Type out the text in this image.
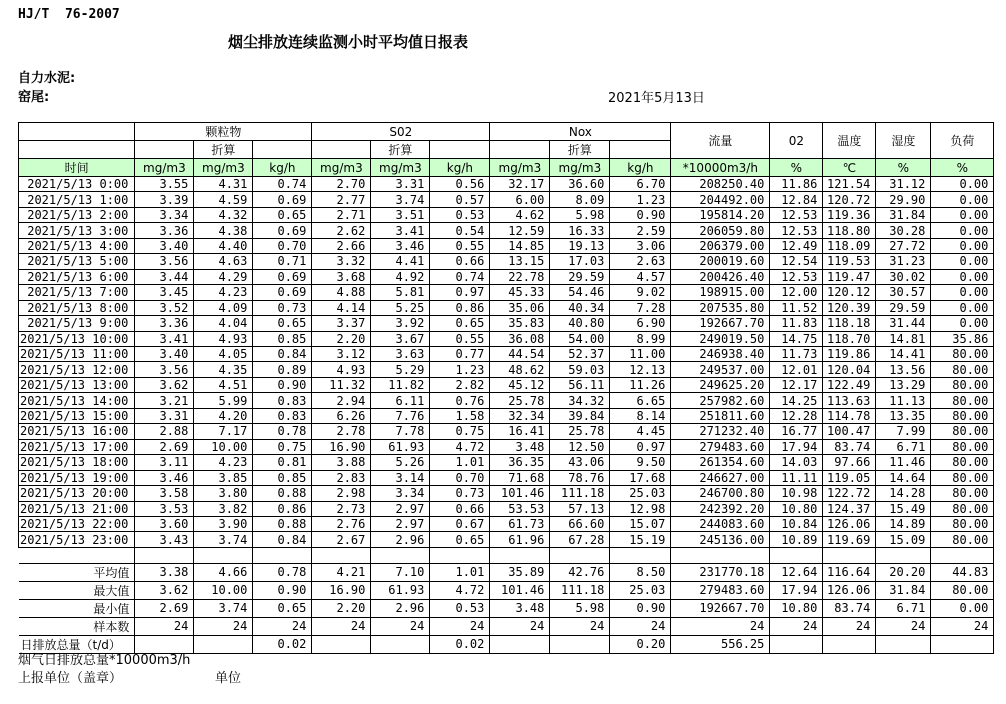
HJ/T  76-2007
烟尘排放连续监测小时平均值日报表
自力水泥:
窑尾:	2021年5月13日
	颗粒物			S02			Nox			流量	02	温度	湿度	负荷
		折算			折算			折算						
时间	mg/m3	mg/m3	kg/h	mg/m3	mg/m3	kg/h	mg/m3	mg/m3	kg/h	*10000m3/h	%	℃	%	%
2021/5/13 0:00	3.55	4.31	0.74	2.70	3.31	0.56	32.17	36.60	6.70	208250.40	11.86	121.54	31.12	0.00
2021/5/13 1:00	3.39	4.59	0.69	2.77	3.74	0.57	6.00	8.09	1.23	204492.00	12.84	120.72	29.90	0.00
2021/5/13 2:00	3.34	4.32	0.65	2.71	3.51	0.53	4.62	5.98	0.90	195814.20	12.53	119.36	31.84	0.00
2021/5/13 3:00	3.36	4.38	0.69	2.62	3.41	0.54	12.59	16.33	2.59	206059.80	12.53	118.80	30.28	0.00
2021/5/13 4:00	3.40	4.40	0.70	2.66	3.46	0.55	14.85	19.13	3.06	206379.00	12.49	118.09	27.72	0.00
2021/5/13 5:00	3.56	4.63	0.71	3.32	4.41	0.66	13.15	17.03	2.63	200019.60	12.54	119.53	31.23	0.00
2021/5/13 6:00	3.44	4.29	0.69	3.68	4.92	0.74	22.78	29.59	4.57	200426.40	12.53	119.47	30.02	0.00
2021/5/13 7:00	3.45	4.23	0.69	4.88	5.81	0.97	45.33	54.46	9.02	198915.00	12.00	120.12	30.57	0.00
2021/5/13 8:00	3.52	4.09	0.73	4.14	5.25	0.86	35.06	40.34	7.28	207535.80	11.52	120.39	29.59	0.00
2021/5/13 9:00	3.36	4.04	0.65	3.37	3.92	0.65	35.83	40.80	6.90	192667.70	11.83	118.18	31.44	0.00
2021/5/13 10:00	3.41	4.93	0.85	2.20	3.67	0.55	36.08	54.00	8.99	249019.50	14.75	118.70	14.81	35.86
2021/5/13 11:00	3.40	4.05	0.84	3.12	3.63	0.77	44.54	52.37	11.00	246938.40	11.73	119.86	14.41	80.00
2021/5/13 12:00	3.56	4.35	0.89	4.93	5.29	1.23	48.62	59.03	12.13	249537.00	12.01	120.04	13.56	80.00
2021/5/13 13:00	3.62	4.51	0.90	11.32	11.82	2.82	45.12	56.11	11.26	249625.20	12.17	122.49	13.29	80.00
2021/5/13 14:00	3.21	5.99	0.83	2.94	6.11	0.76	25.78	34.32	6.65	257982.60	14.25	113.63	11.13	80.00
2021/5/13 15:00	3.31	4.20	0.83	6.26	7.76	1.58	32.34	39.84	8.14	251811.60	12.28	114.78	13.35	80.00
2021/5/13 16:00	2.88	7.17	0.78	2.78	7.78	0.75	16.41	25.78	4.45	271232.40	16.77	100.47	7.99	80.00
2021/5/13 17:00	2.69	10.00	0.75	16.90	61.93	4.72	3.48	12.50	0.97	279483.60	17.94	83.74	6.71	80.00
2021/5/13 18:00	3.11	4.23	0.81	3.88	5.26	1.01	36.35	43.06	9.50	261354.60	14.03	97.66	11.46	80.00
2021/5/13 19:00	3.46	3.85	0.85	2.83	3.14	0.70	71.68	78.76	17.68	246627.00	11.11	119.05	14.64	80.00
2021/5/13 20:00	3.58	3.80	0.88	2.98	3.34	0.73	101.46	111.18	25.03	246700.80	10.98	122.72	14.28	80.00
2021/5/13 21:00	3.53	3.82	0.86	2.73	2.97	0.66	53.53	57.13	12.98	242392.20	10.80	124.37	15.49	80.00
2021/5/13 22:00	3.60	3.90	0.88	2.76	2.97	0.67	61.73	66.60	15.07	244083.60	10.84	126.06	14.89	80.00
2021/5/13 23:00	3.43	3.74	0.84	2.67	2.96	0.65	61.96	67.28	15.19	245136.00	10.89	119.69	15.09	80.00

平均值	3.38	4.66	0.78	4.21	7.10	1.01	35.89	42.76	8.50	231770.18	12.64	116.64	20.20	44.83
最大值	3.62	10.00	0.90	16.90	61.93	4.72	101.46	111.18	25.03	279483.60	17.94	126.06	31.84	80.00
最小值	2.69	3.74	0.65	2.20	2.96	0.53	3.48	5.98	0.90	192667.70	10.80	83.74	6.71	0.00
样本数	24	24	24	24	24	24	24	24	24	24	24	24	24	24
日排放总量（t/d）			0.02			0.02			0.20	556.25				
烟气日排放总量*10000m3/h
上报单位（盖章）	单位
